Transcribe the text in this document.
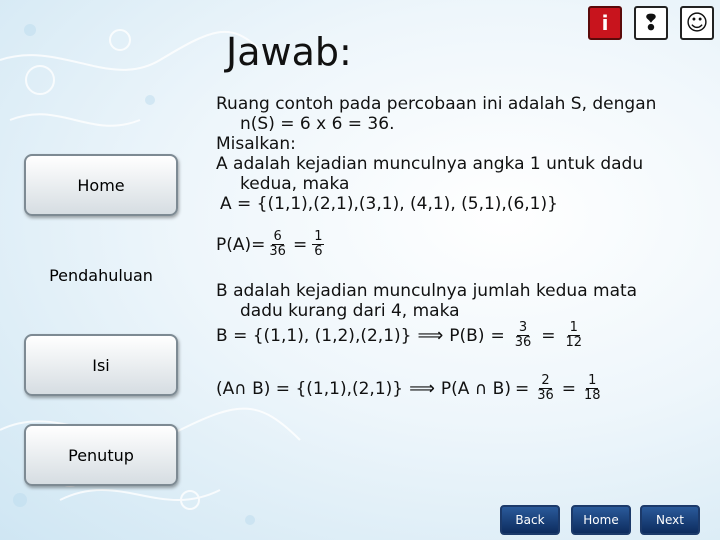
Jawab:
i	❢	☺
Home
Pendahuluan
Isi
Penutup

Ruang contoh pada percobaan ini adalah S, dengan

n(S) = 6 x 6 = 36.

Misalkan:

A adalah kejadian munculnya angka 1 untuk dadu

kedua, maka

A = {(1,1),(2,1),(3,1), (4,1), (5,1),(6,1)}

$P(A)= \frac{6}{36} = \frac{1}{6}$

B adalah kejadian munculnya jumlah kedua mata

dadu kurang dari 4, maka

B = {(1,1), (1,2),(2,1)} ⟹ $P(B) = \frac{3}{36} = \frac{1}{12}$

(A∩ B) = {(1,1),(2,1)} ⟹ P(A ∩ $B) = \frac{2}{36} = \frac{1}{18}$

Back	Home	Next
